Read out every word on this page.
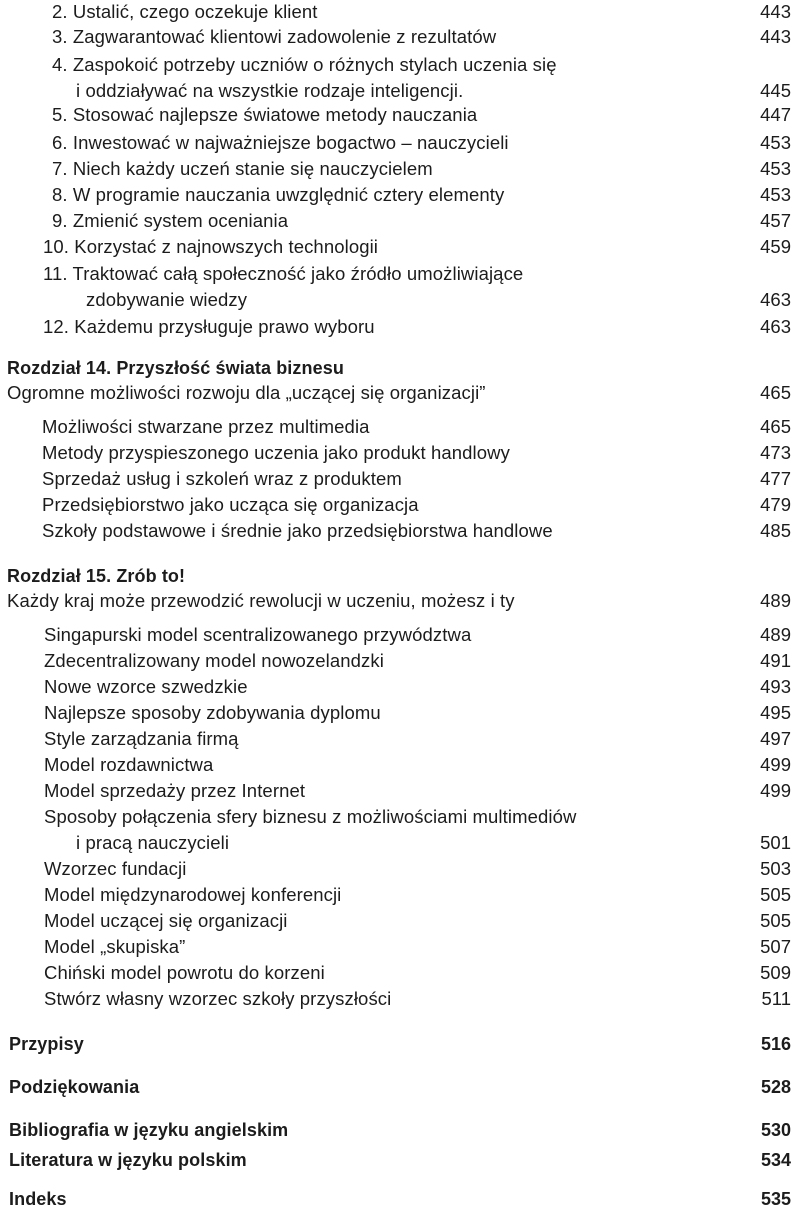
2. Ustalić, czego oczekuje klient	443
3. Zagwarantować klientowi zadowolenie z rezultatów	443
4. Zaspokoić potrzeby uczniów o różnych stylach uczenia się
i oddziaływać na wszystkie rodzaje inteligencji.	445
5. Stosować najlepsze światowe metody nauczania	447
6. Inwestować w najważniejsze bogactwo – nauczycieli	453
7. Niech każdy uczeń stanie się nauczycielem	453
8. W programie nauczania uwzględnić cztery elementy	453
9. Zmienić system oceniania	457
10. Korzystać z najnowszych technologii	459
11. Traktować całą społeczność jako źródło umożliwiające
zdobywanie wiedzy	463
12. Każdemu przysługuje prawo wyboru	463
Rozdział 14. Przyszłość świata biznesu
Ogromne możliwości rozwoju dla „uczącej się organizacji”	465
Możliwości stwarzane przez multimedia	465
Metody przyspieszonego uczenia jako produkt handlowy	473
Sprzedaż usług i szkoleń wraz z produktem	477
Przedsiębiorstwo jako ucząca się organizacja	479
Szkoły podstawowe i średnie jako przedsiębiorstwa handlowe	485
Rozdział 15. Zrób to!
Każdy kraj może przewodzić rewolucji w uczeniu, możesz i ty	489
Singapurski model scentralizowanego przywództwa	489
Zdecentralizowany model nowozelandzki	491
Nowe wzorce szwedzkie	493
Najlepsze sposoby zdobywania dyplomu	495
Style zarządzania firmą	497
Model rozdawnictwa	499
Model sprzedaży przez Internet	499
Sposoby połączenia sfery biznesu z możliwościami multimediów
i pracą nauczycieli	501
Wzorzec fundacji	503
Model międzynarodowej konferencji	505
Model uczącej się organizacji	505
Model „skupiska”	507
Chiński model powrotu do korzeni	509
Stwórz własny wzorzec szkoły przyszłości	511
Przypisy	516
Podziękowania	528
Bibliografia w języku angielskim	530
Literatura w języku polskim	534
Indeks	535
